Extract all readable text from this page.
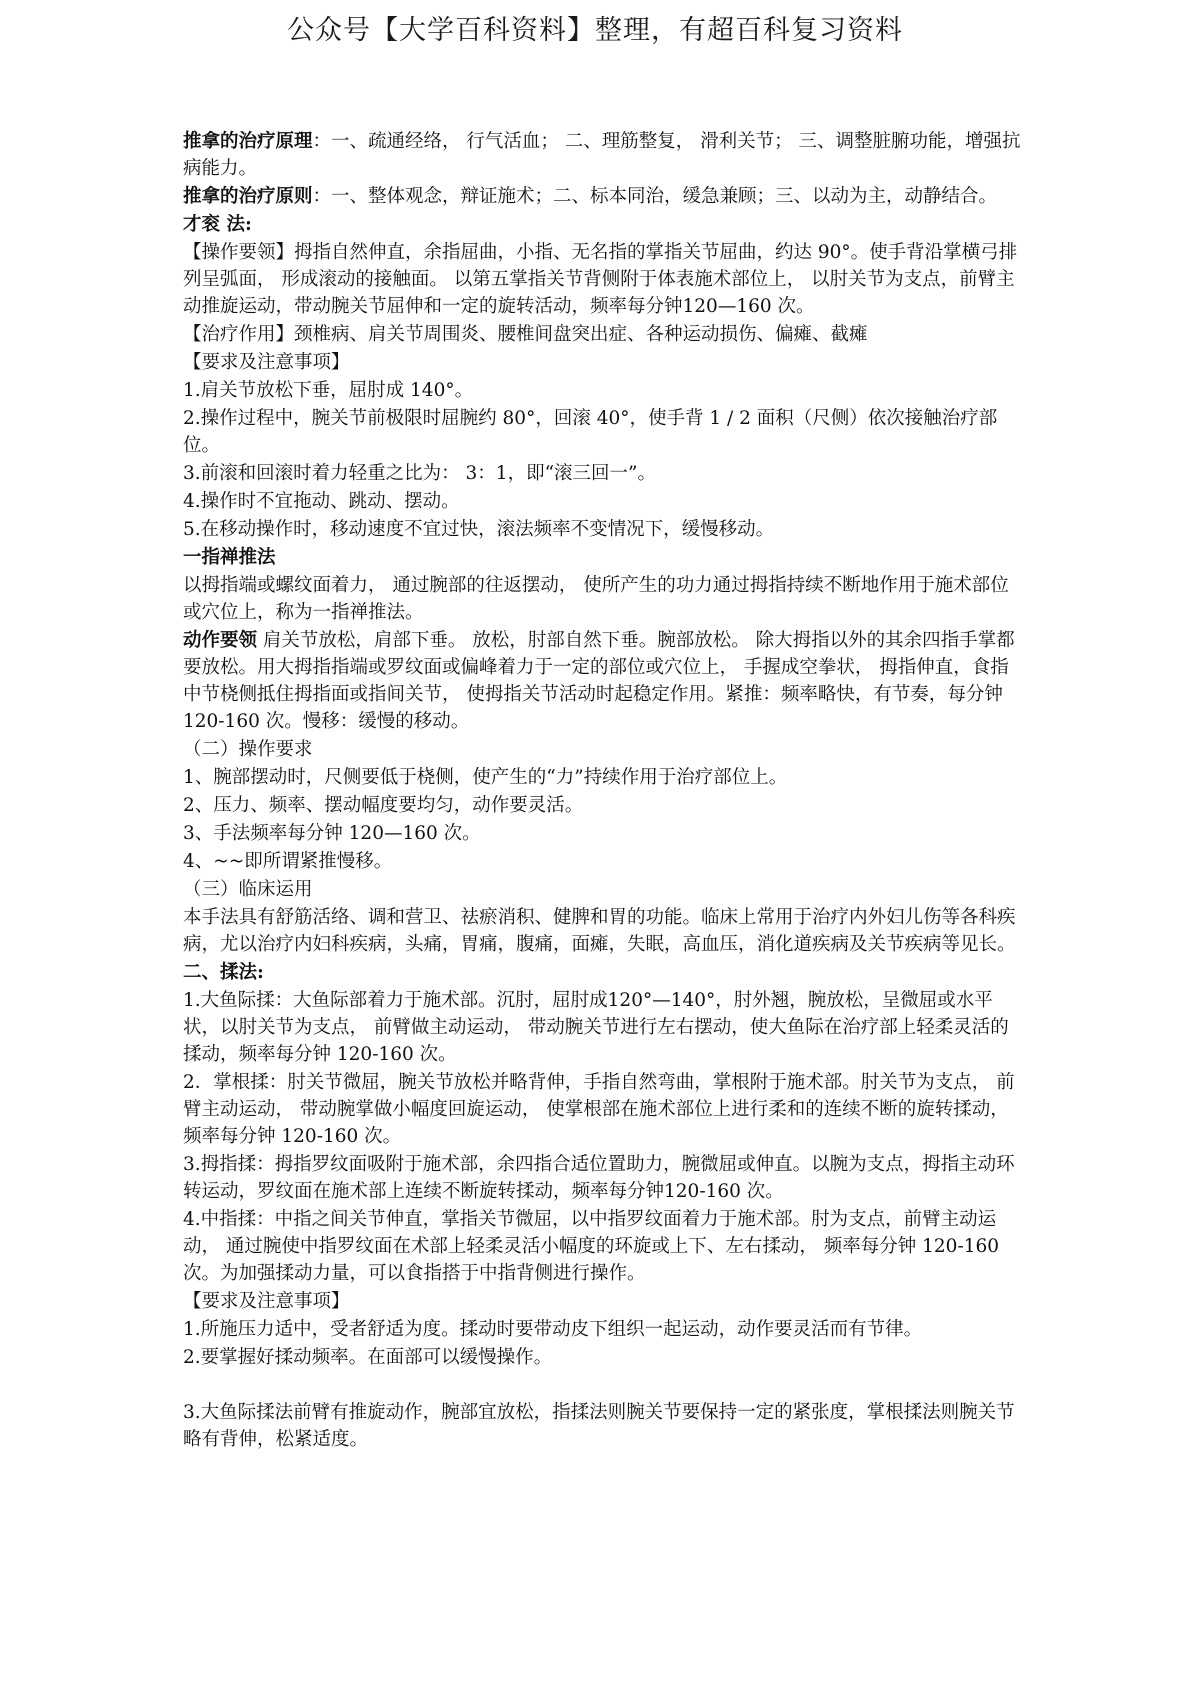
公众号【大学百科资料】整理，有超百科复习资料

推拿的治疗原理：一、疏通经络， 行气活血； 二、理筋整复， 滑利关节； 三、调整脏腑功能，增强抗病能力。

推拿的治疗原则：一、整体观念，辩证施术；二、标本同治，缓急兼顾；三、以动为主，动静结合。

才衮 法:

【操作要领】拇指自然伸直，余指屈曲，小指、无名指的掌指关节屈曲，约达 90°。使手背沿掌横弓排列呈弧面， 形成滚动的接触面。 以第五掌指关节背侧附于体表施术部位上， 以肘关节为支点，前臂主动推旋运动，带动腕关节屈伸和一定的旋转活动，频率每分钟120—160 次。

【治疗作用】颈椎病、肩关节周围炎、腰椎间盘突出症、各种运动损伤、偏瘫、截瘫

【要求及注意事项】

1.肩关节放松下垂，屈肘成 140°。

2.操作过程中，腕关节前极限时屈腕约 80°，回滚 40°，使手背 1 / 2 面积（尺侧）依次接触治疗部位。

3.前滚和回滚时着力轻重之比为： 3：1，即“滚三回一”。

4.操作时不宜拖动、跳动、摆动。

5.在移动操作时，移动速度不宜过快，滚法频率不变情况下，缓慢移动。

一指禅推法

以拇指端或螺纹面着力， 通过腕部的往返摆动， 使所产生的功力通过拇指持续不断地作用于施术部位或穴位上，称为一指禅推法。

动作要领 肩关节放松，肩部下垂。 放松，肘部自然下垂。腕部放松。 除大拇指以外的其余四指手掌都要放松。用大拇指指端或罗纹面或偏峰着力于一定的部位或穴位上， 手握成空拳状， 拇指伸直，食指中节桡侧抵住拇指面或指间关节， 使拇指关节活动时起稳定作用。紧推：频率略快，有节奏，每分钟 120-160 次。慢移：缓慢的移动。

（二）操作要求

1、腕部摆动时，尺侧要低于桡侧，使产生的“力”持续作用于治疗部位上。

2、压力、频率、摆动幅度要均匀，动作要灵活。

3、手法频率每分钟 120—160 次。

4、~~即所谓紧推慢移。

（三）临床运用

本手法具有舒筋活络、调和营卫、祛瘀消积、健脾和胃的功能。临床上常用于治疗内外妇儿伤等各科疾病，尤以治疗内妇科疾病，头痛，胃痛，腹痛，面瘫，失眠，高血压，消化道疾病及关节疾病等见长。

二、揉法:

1.大鱼际揉：大鱼际部着力于施术部。沉肘，屈肘成120°—140°，肘外翘，腕放松，呈微屈或水平状，以肘关节为支点， 前臂做主动运动， 带动腕关节进行左右摆动，使大鱼际在治疗部上轻柔灵活的揉动，频率每分钟 120-160 次。

2．掌根揉：肘关节微屈，腕关节放松并略背伸，手指自然弯曲，掌根附于施术部。肘关节为支点， 前臂主动运动， 带动腕掌做小幅度回旋运动， 使掌根部在施术部位上进行柔和的连续不断的旋转揉动，频率每分钟 120-160 次。

3.拇指揉：拇指罗纹面吸附于施术部，余四指合适位置助力，腕微屈或伸直。以腕为支点，拇指主动环转运动，罗纹面在施术部上连续不断旋转揉动，频率每分钟120-160 次。

4.中指揉：中指之间关节伸直，掌指关节微屈，以中指罗纹面着力于施术部。肘为支点，前臂主动运动， 通过腕使中指罗纹面在术部上轻柔灵活小幅度的环旋或上下、左右揉动， 频率每分钟 120-160 次。为加强揉动力量，可以食指搭于中指背侧进行操作。

【要求及注意事项】

1.所施压力适中，受者舒适为度。揉动时要带动皮下组织一起运动，动作要灵活而有节律。

2.要掌握好揉动频率。在面部可以缓慢操作。

3.大鱼际揉法前臂有推旋动作，腕部宜放松，指揉法则腕关节要保持一定的紧张度，掌根揉法则腕关节略有背伸，松紧适度。
